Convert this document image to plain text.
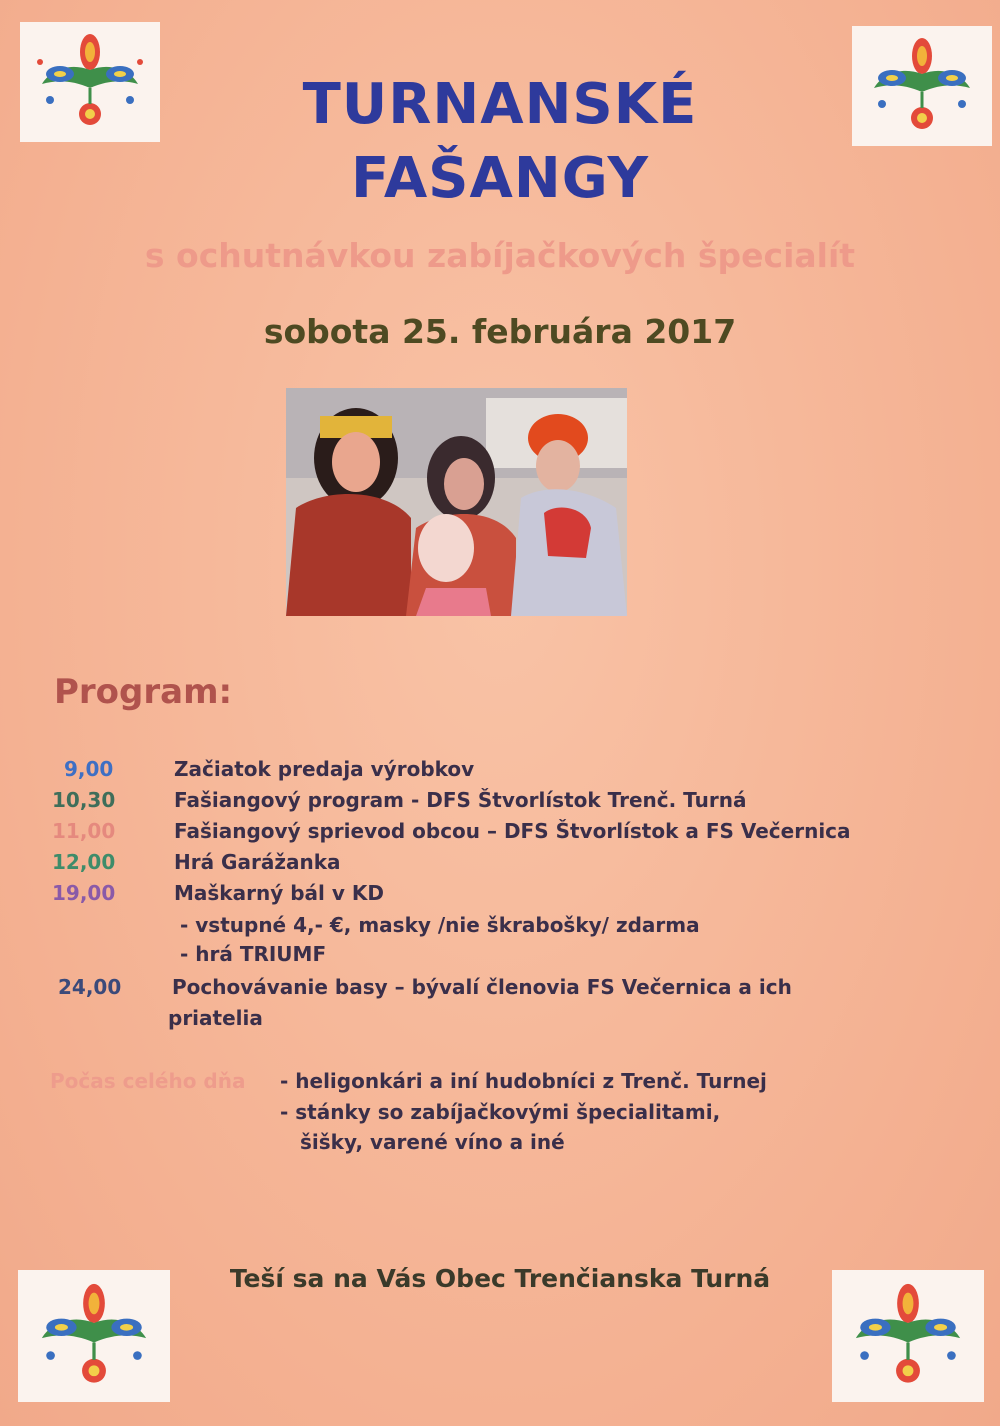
TURNANSKÉ
FAŠANGY
s ochutnávkou zabíjačkových špecialít
sobota 25. februára 2017
Program:
9,00	Začiatok predaja výrobkov
10,30	Fašiangový program - DFS Štvorlístok Trenč. Turná
11,00	Fašiangový sprievod obcou – DFS Štvorlístok a FS Večernica
12,00	Hrá Garážanka
19,00	Maškarný bál v KD
- vstupné 4,- €, masky /nie škrabošky/ zdarma
- hrá TRIUMF
24,00	Pochovávanie basy – bývalí členovia FS Večernica a ich
priatelia
Počas celého dňa - heligonkári a iní hudobníci z Trenč. Turnej
- stánky so zabíjačkovými špecialitami,
šišky, varené víno a iné
Teší sa na Vás Obec Trenčianska Turná
